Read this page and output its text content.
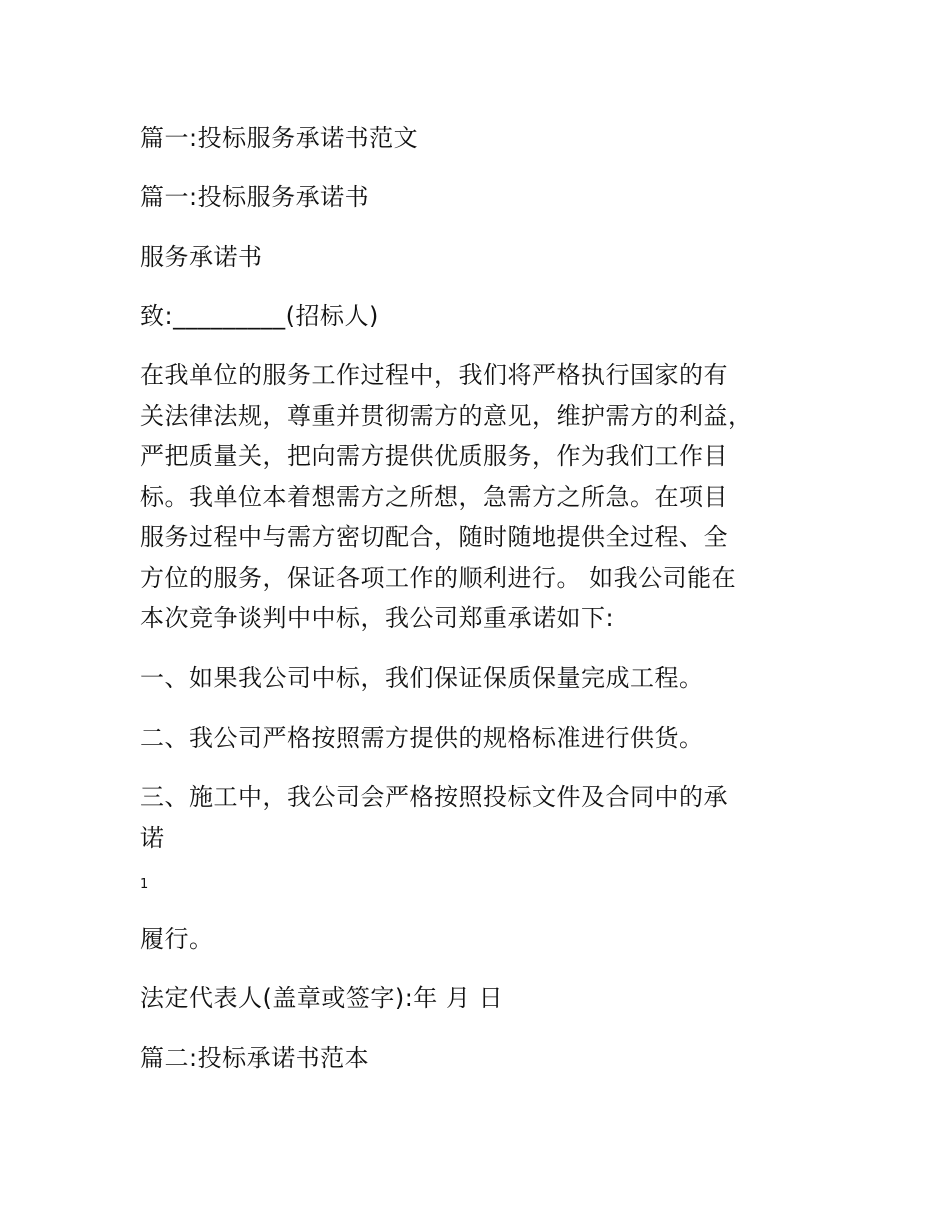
篇一:投标服务承诺书范文
篇一:投标服务承诺书
服务承诺书
致:_________(招标人)
在我单位的服务工作过程中，我们将严格执行国家的有
关法律法规，尊重并贯彻需方的意见，维护需方的利益，
严把质量关，把向需方提供优质服务，作为我们工作目
标。我单位本着想需方之所想，急需方之所急。在项目
服务过程中与需方密切配合，随时随地提供全过程、全
方位的服务，保证各项工作的顺利进行。 如我公司能在
本次竞争谈判中中标，我公司郑重承诺如下:
一、如果我公司中标，我们保证保质保量完成工程。
二、我公司严格按照需方提供的规格标准进行供货。
三、施工中，我公司会严格按照投标文件及合同中的承
诺
1
履行。
法定代表人(盖章或签字):年 月 日
篇二:投标承诺书范本
